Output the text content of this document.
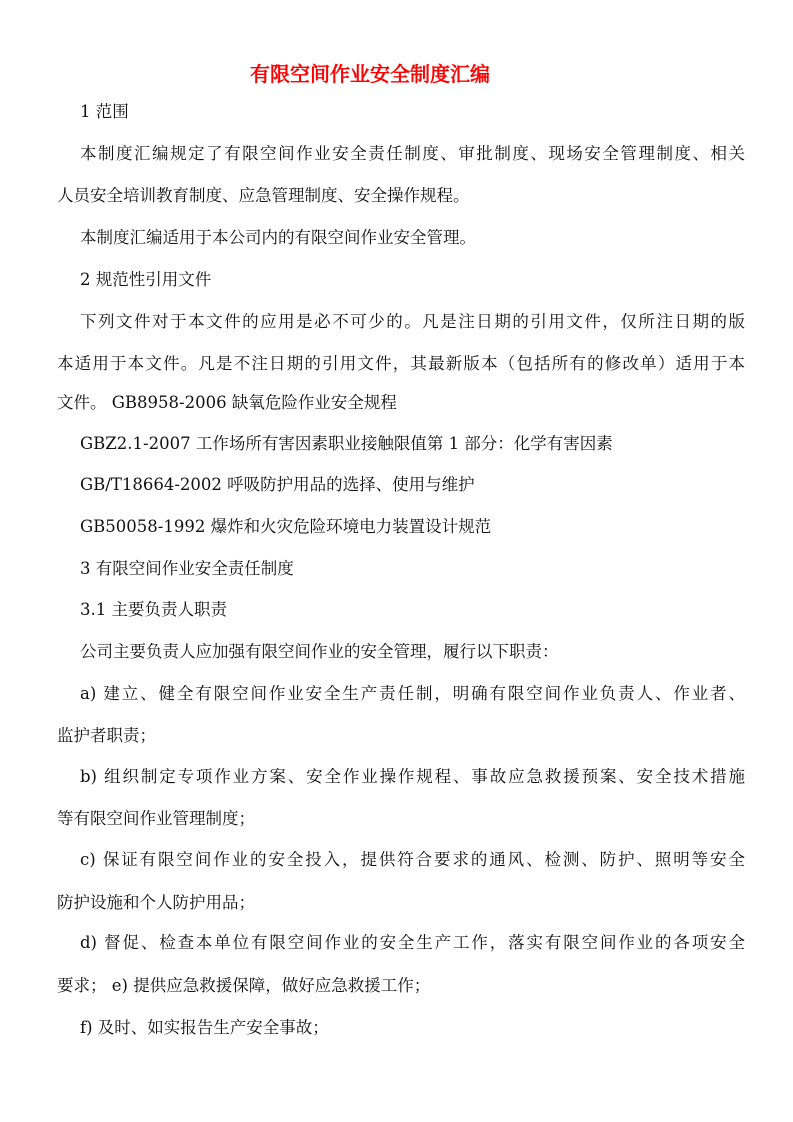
有限空间作业安全制度汇编
1 范围
本制度汇编规定了有限空间作业安全责任制度、审批制度、现场安全管理制度、相关
人员安全培训教育制度、应急管理制度、安全操作规程。
本制度汇编适用于本公司内的有限空间作业安全管理。
2 规范性引用文件
下列文件对于本文件的应用是必不可少的。凡是注日期的引用文件，仅所注日期的版
本适用于本文件。凡是不注日期的引用文件，其最新版本（包括所有的修改单）适用于本
文件。 GB8958-2006 缺氧危险作业安全规程
GBZ2.1-2007 工作场所有害因素职业接触限值第 1 部分：化学有害因素
GB/T18664-2002 呼吸防护用品的选择、使用与维护
GB50058-1992 爆炸和火灾危险环境电力装置设计规范
3 有限空间作业安全责任制度
3.1 主要负责人职责
公司主要负责人应加强有限空间作业的安全管理，履行以下职责：
a) 建立、健全有限空间作业安全生产责任制，明确有限空间作业负责人、作业者、
监护者职责；
b) 组织制定专项作业方案、安全作业操作规程、事故应急救援预案、安全技术措施
等有限空间作业管理制度；
c) 保证有限空间作业的安全投入，提供符合要求的通风、检测、防护、照明等安全
防护设施和个人防护用品；
d) 督促、检查本单位有限空间作业的安全生产工作，落实有限空间作业的各项安全
要求； e) 提供应急救援保障，做好应急救援工作；
f) 及时、如实报告生产安全事故；
